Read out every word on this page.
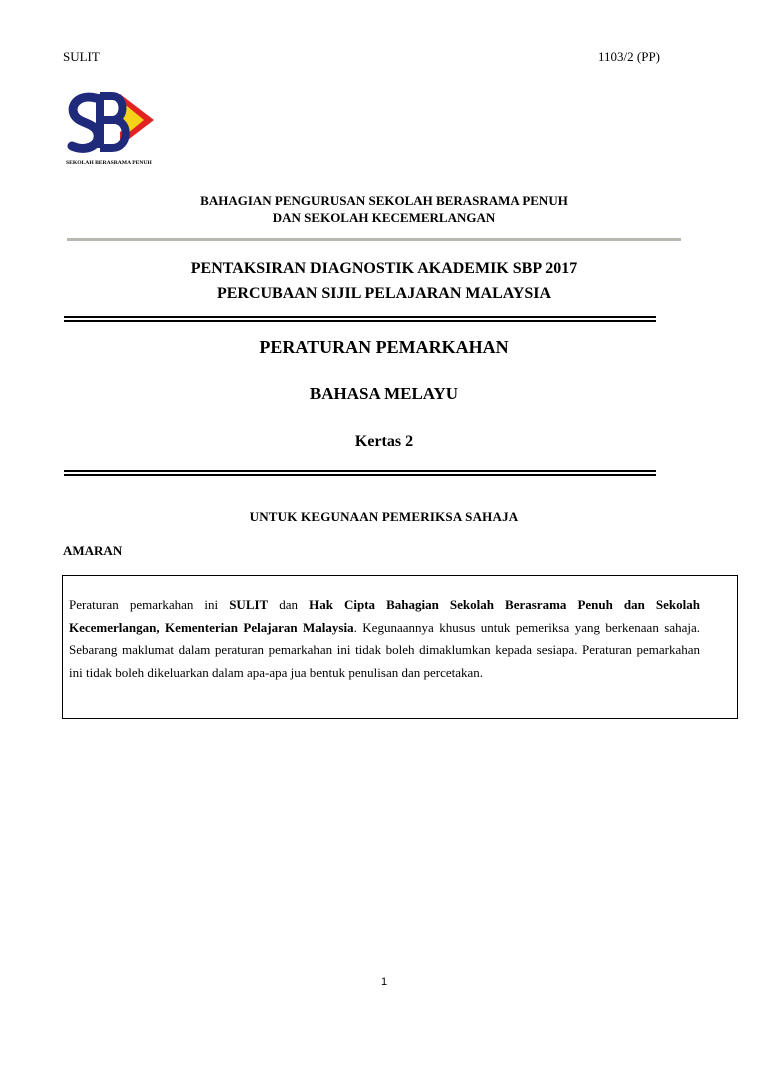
SULIT	1103/2 (PP)
SEKOLAH BERASRAMA PENUH
BAHAGIAN PENGURUSAN SEKOLAH BERASRAMA PENUH
DAN SEKOLAH KECEMERLANGAN
PENTAKSIRAN DIAGNOSTIK AKADEMIK SBP 2017
PERCUBAAN SIJIL PELAJARAN MALAYSIA
PERATURAN PEMARKAHAN
BAHASA MELAYU
Kertas 2
UNTUK KEGUNAAN PEMERIKSA SAHAJA
AMARAN
Peraturan pemarkahan ini SULIT dan Hak Cipta Bahagian Sekolah Berasrama Penuh dan Sekolah Kecemerlangan, Kementerian Pelajaran Malaysia. Kegunaannya khusus untuk pemeriksa yang berkenaan sahaja. Sebarang maklumat dalam peraturan pemarkahan ini tidak boleh dimaklumkan kepada sesiapa. Peraturan pemarkahan ini tidak boleh dikeluarkan dalam apa-apa jua bentuk penulisan dan percetakan.
1
